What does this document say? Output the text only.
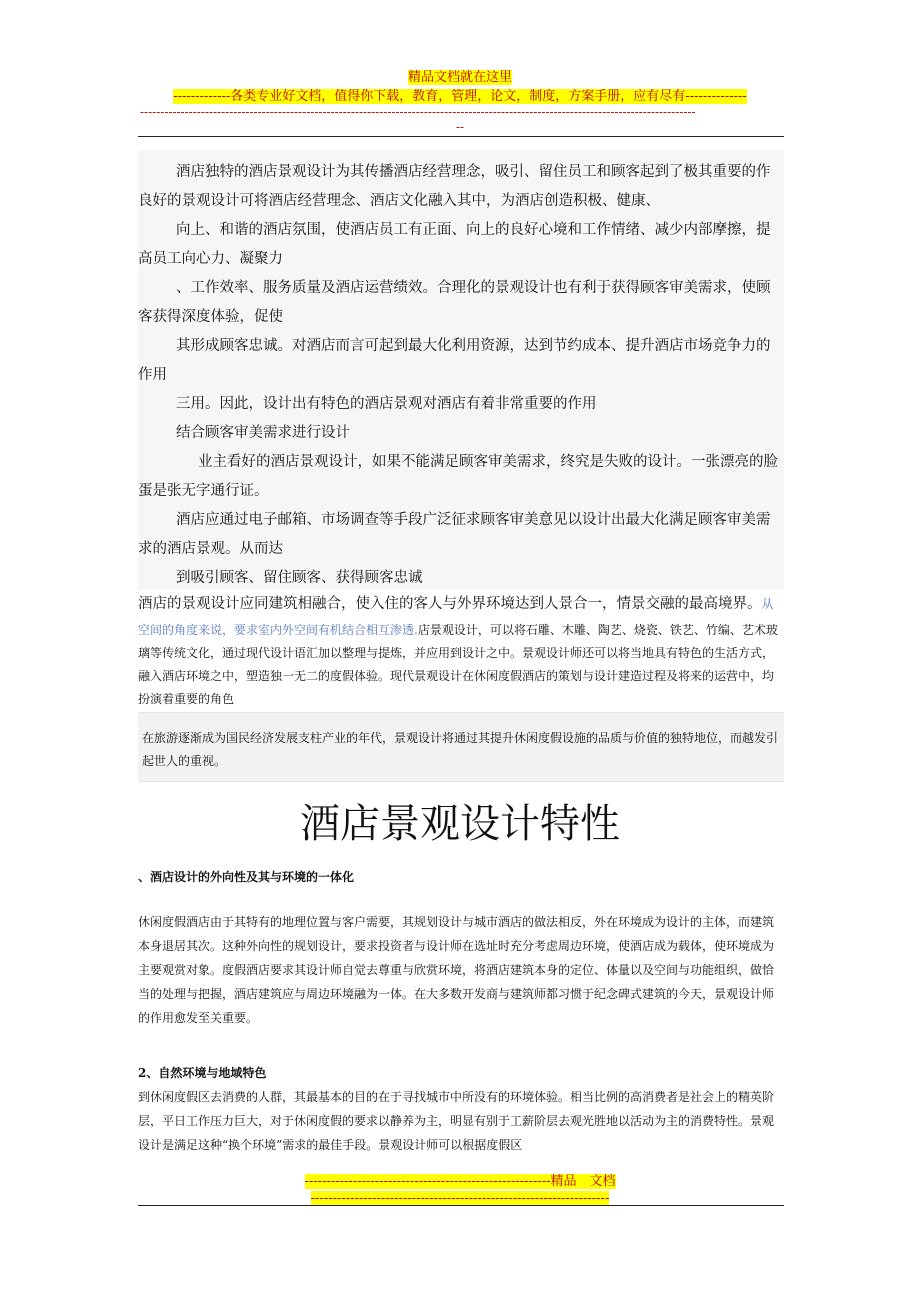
精品文档就在这里
-------------各类专业好文档，值得你下载，教育，管理，论文，制度，方案手册，应有尽有--------------
-----------------------------------------------------------------------------------------------------------------------------------------
--
酒店独特的酒店景观设计为其传播酒店经营理念，吸引、留住员工和顾客起到了极其重要的作良好的景观设计可将酒店经营理念、酒店文化融入其中，为酒店创造积极、健康、
向上、和谐的酒店氛围，使酒店员工有正面、向上的良好心境和工作情绪、减少内部摩擦，提高员工向心力、凝聚力
、工作效率、服务质量及酒店运营绩效。合理化的景观设计也有利于获得顾客审美需求，使顾客获得深度体验，促使
其形成顾客忠诚。对酒店而言可起到最大化利用资源，达到节约成本、提升酒店市场竞争力的作用
三用。因此，设计出有特色的酒店景观对酒店有着非常重要的作用
结合顾客审美需求进行设计
业主看好的酒店景观设计，如果不能满足顾客审美需求，终究是失败的设计。一张漂亮的脸蛋是张无字通行证。
酒店应通过电子邮箱、市场调查等手段广泛征求顾客审美意见以设计出最大化满足顾客审美需求的酒店景观。从而达
到吸引顾客、留住顾客、获得顾客忠诚
酒店的景观设计应同建筑相融合，使入住的客人与外界环境达到人景合一，情景交融的最高境界。从空间的角度来说，要求室内外空间有机结合相互渗透.店景观设计，可以将石雕、木雕、陶艺、烧瓷、铁艺、竹编、艺术玻璃等传统文化，通过现代设计语汇加以整理与提炼，并应用到设计之中。景观设计师还可以将当地具有特色的生活方式，融入酒店环境之中，塑造独一无二的度假体验。现代景观设计在休闲度假酒店的策划与设计建造过程及将来的运营中，均扮演着重要的角色
在旅游逐渐成为国民经济发展支柱产业的年代，景观设计将通过其提升休闲度假设施的品质与价值的独特地位，而越发引起世人的重视。
酒店景观设计特性
、酒店设计的外向性及其与环境的一体化
休闲度假酒店由于其特有的地理位置与客户需要，其规划设计与城市酒店的做法相反，外在环境成为设计的主体，而建筑本身退居其次。这种外向性的规划设计，要求投资者与设计师在选址时充分考虑周边环境，使酒店成为载体，使环境成为主要观赏对象。度假酒店要求其设计师自觉去尊重与欣赏环境，将酒店建筑本身的定位、体量以及空间与功能组织，做恰当的处理与把握，酒店建筑应与周边环境融为一体。在大多数开发商与建筑师都习惯于纪念碑式建筑的今天，景观设计师的作用愈发至关重要。
2、自然环境与地域特色
到休闲度假区去消费的人群，其最基本的目的在于寻找城市中所没有的环境体验。相当比例的高消费者是社会上的精英阶层，平日工作压力巨大，对于休闲度假的要求以静养为主，明显有别于工薪阶层去观光胜地以活动为主的消费特性。景观设计是满足这种“换个环境”需求的最佳手段。景观设计师可以根据度假区
--------------------------------------------------------精品　文档
--------------------------------------------------------------------
